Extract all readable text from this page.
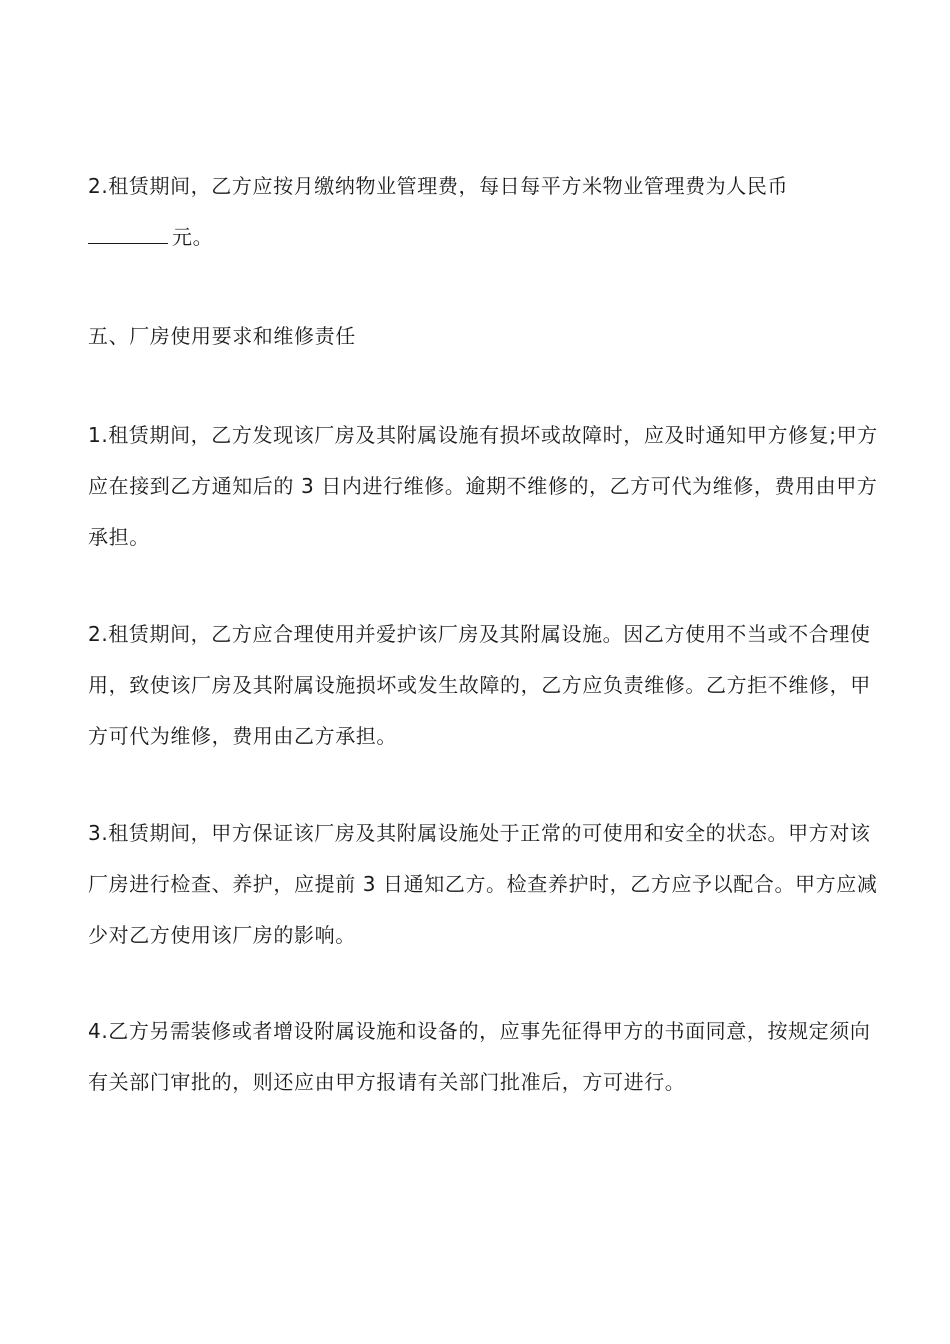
2.租赁期间，乙方应按月缴纳物业管理费，每日每平方米物业管理费为人民币元。

五、厂房使用要求和维修责任

1.租赁期间，乙方发现该厂房及其附属设施有损坏或故障时，应及时通知甲方修复;甲方应在接到乙方通知后的 3 日内进行维修。逾期不维修的，乙方可代为维修，费用由甲方承担。

2.租赁期间，乙方应合理使用并爱护该厂房及其附属设施。因乙方使用不当或不合理使用，致使该厂房及其附属设施损坏或发生故障的，乙方应负责维修。乙方拒不维修，甲方可代为维修，费用由乙方承担。

3.租赁期间，甲方保证该厂房及其附属设施处于正常的可使用和安全的状态。甲方对该厂房进行检查、养护，应提前 3 日通知乙方。检查养护时，乙方应予以配合。甲方应减少对乙方使用该厂房的影响。

4.乙方另需装修或者增设附属设施和设备的，应事先征得甲方的书面同意，按规定须向有关部门审批的，则还应由甲方报请有关部门批准后，方可进行。
